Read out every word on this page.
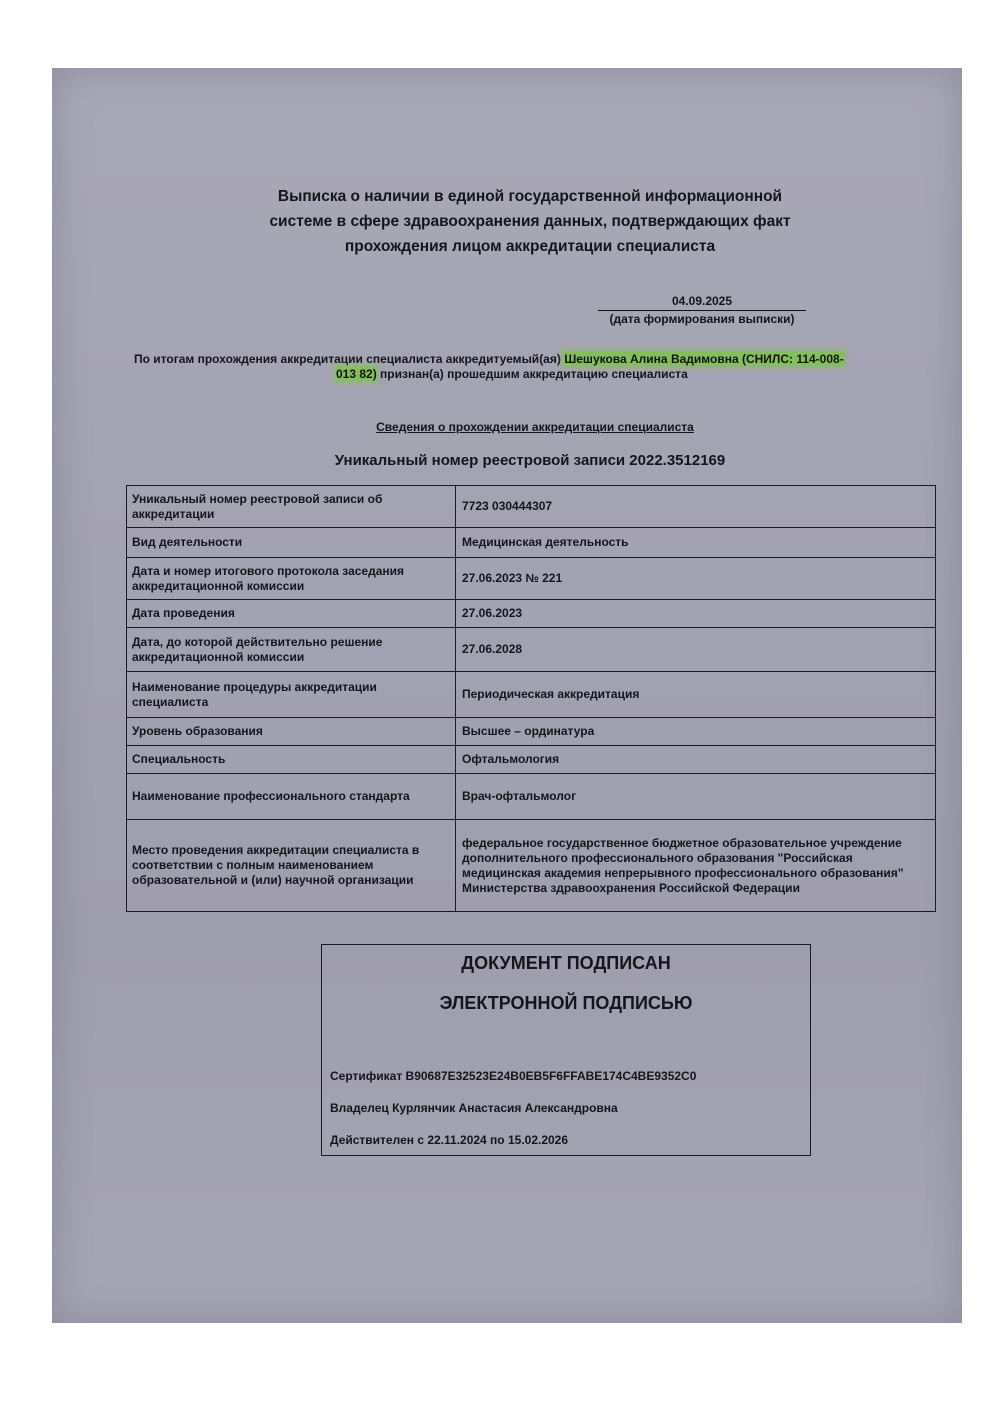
Выписка о наличии в единой государственной информационной
системе в сфере здравоохранения данных, подтверждающих факт
прохождения лицом аккредитации специалиста
04.09.2025
(дата формирования выписки)
По итогам прохождения аккредитации специалиста аккредитуемый(ая) Шешукова Алина Вадимовна (СНИЛС: 114-008-
013 82) признан(а) прошедшим аккредитацию специалиста
Сведения о прохождении аккредитации специалиста
Уникальный номер реестровой записи 2022.3512169
Уникальный номер реестровой записи об аккредитации	7723 030444307
Вид деятельности	Медицинская деятельность
Дата и номер итогового протокола заседания аккредитационной комиссии	27.06.2023 № 221
Дата проведения	27.06.2023
Дата, до которой действительно решение аккредитационной комиссии	27.06.2028
Наименование процедуры аккредитации специалиста	Периодическая аккредитация
Уровень образования	Высшее – ординатура
Специальность	Офтальмология
Наименование профессионального стандарта	Врач-офтальмолог
Место проведения аккредитации специалиста в соответствии с полным наименованием образовательной и (или) научной организации	федеральное государственное бюджетное образовательное учреждение дополнительного профессионального образования "Российская медицинская академия непрерывного профессионального образования" Министерства здравоохранения Российской Федерации
ДОКУМЕНТ ПОДПИСАН
ЭЛЕКТРОННОЙ ПОДПИСЬЮ
Сертификат B90687E32523E24B0EB5F6FFABE174C4BE9352C0
Владелец Курлянчик Анастасия Александровна
Действителен с 22.11.2024 по 15.02.2026
